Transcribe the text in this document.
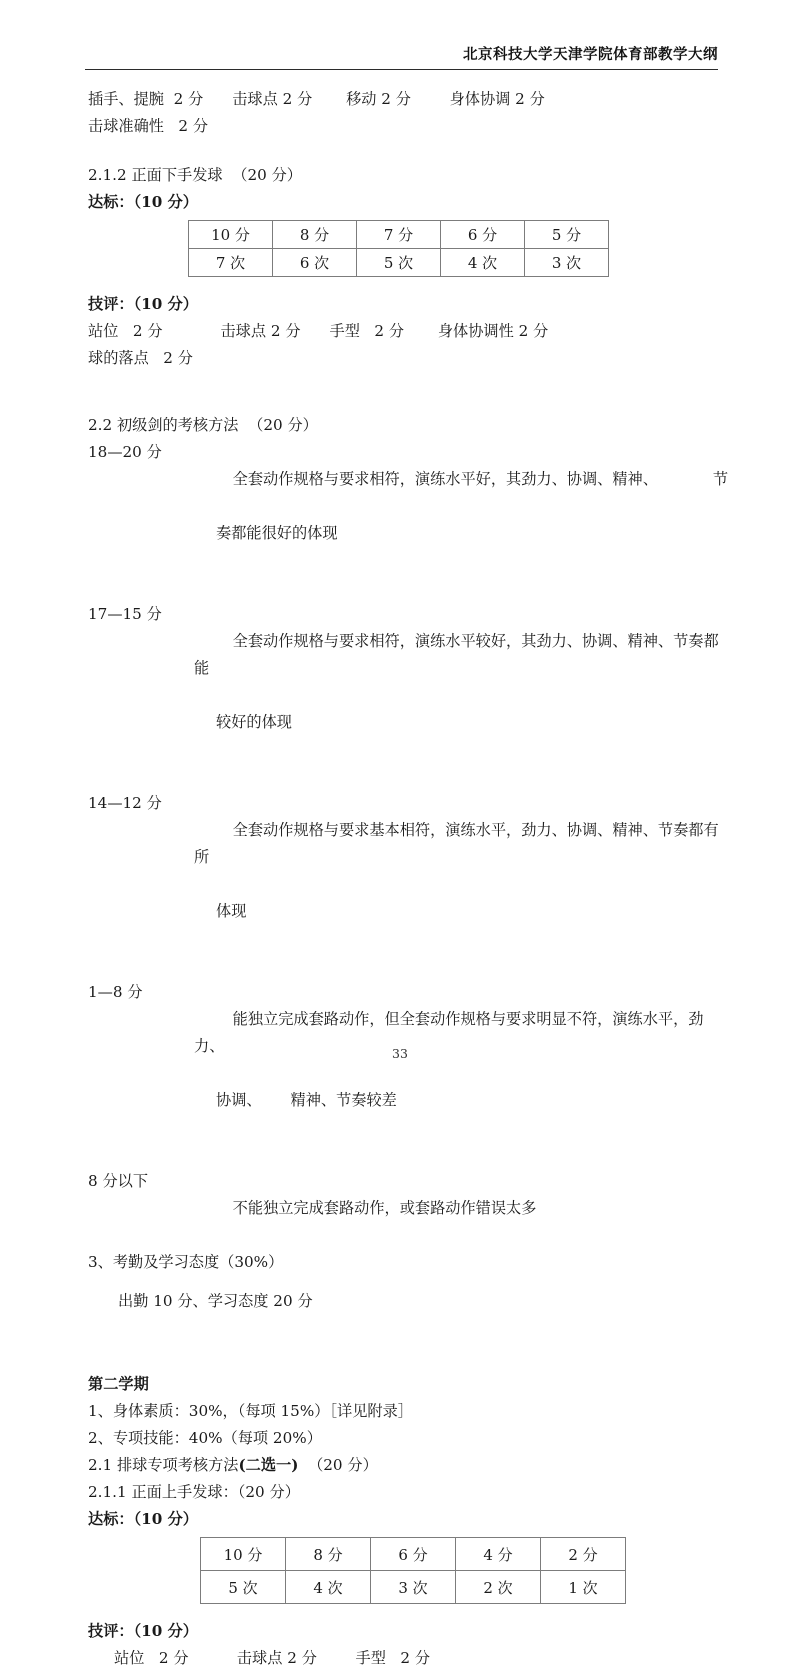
北京科技大学天津学院体育部教学大纲
插手、提腕  2 分      击球点 2 分       移动 2 分        身体协调 2 分
击球准确性   2 分
2.1.2 正面下手发球  （20 分）
达标：（10 分）
10 分	8 分	7 分	6 分	5 分
7 次	6 次	5 次	4 次	3 次
技评：（10 分）
站位   2 分            击球点 2 分      手型   2 分       身体协调性 2 分
球的落点   2 分
2.2 初级剑的考核方法  （20 分）
18—20 分

全套动作规格与要求相符，演练水平好，其劲力、协调、精神、	节

奏都能很好的体现

17—15 分

全套动作规格与要求相符，演练水平较好，其劲力、协调、精神、节奏都能

较好的体现

14—12 分

全套动作规格与要求基本相符，演练水平，劲力、协调、精神、节奏都有所

体现

1—8 分

能独立完成套路动作，但全套动作规格与要求明显不符，演练水平，劲力、

协调、      精神、节奏较差

8 分以下

不能独立完成套路动作，或套路动作错误太多

3、考勤及学习态度（30%）
出勤 10 分、学习态度 20 分
第二学期
1、身体素质：30%，（每项 15%）［详见附录］
2、专项技能：40%（每项 20%）
2.1 排球专项考核方法(二选一)  （20 分）
2.1.1 正面上手发球：（20 分）
达标：（10 分）
10 分	8 分	6 分	4 分	2 分
5 次	4 次	3 次	2 次	1 次
技评：（10 分）
站位   2 分          击球点 2 分        手型   2 分
33
